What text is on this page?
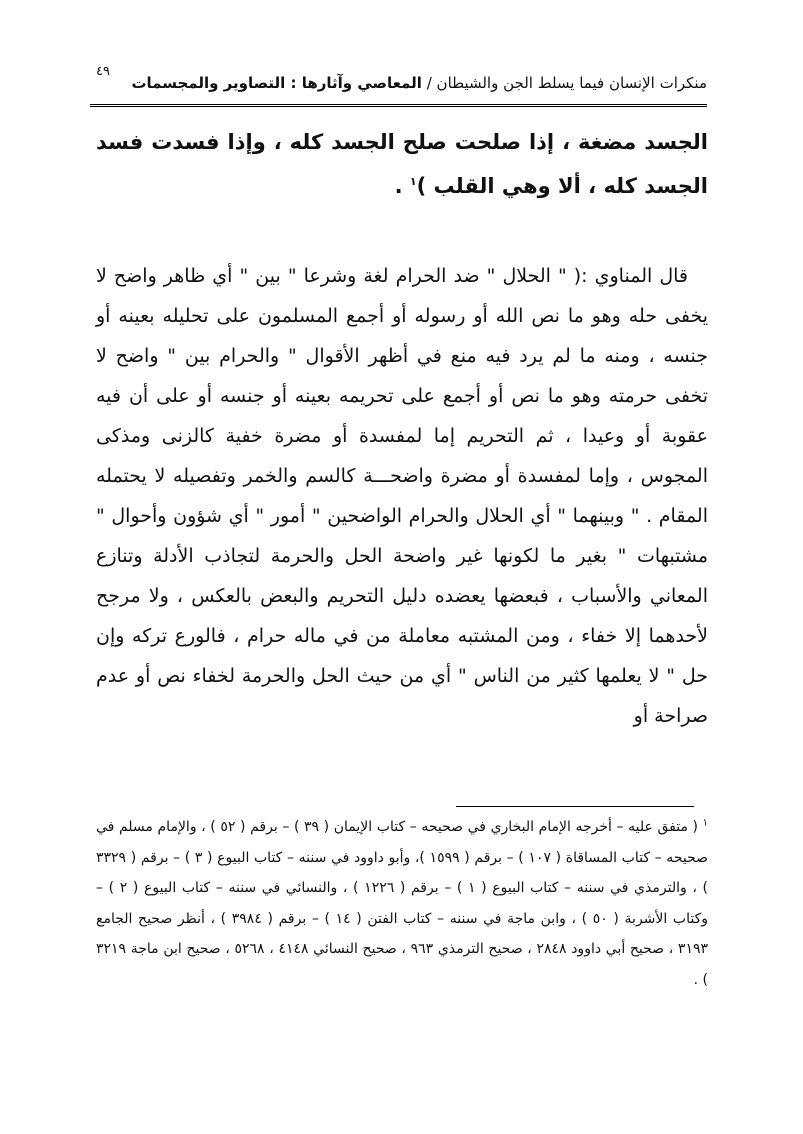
٤٩
منكرات الإنسان فيما يسلط الجن والشيطان / المعاصي وآثارها : التصاوير والمجسمات
الجسد مضغة ، إذا صلحت صلح الجسد كله ، وإذا فسدت فسد الجسد كله ، ألا وهي القلب )$^١$ .
قال المناوي :( " الحلال " ضد الحرام لغة وشرعا " بين " أي ظاهر واضح لا يخفى حله وهو ما نص الله أو رسوله أو أجمع المسلمون على تحليله بعينه أو جنسه ، ومنه ما لم يرد فيه منع في أظهر الأقوال " والحرام بين " واضح لا تخفى حرمته وهو ما نص أو أجمع على تحريمه بعينه أو جنسه أو على أن فيه عقوبة أو وعيدا ، ثم التحريم إما لمفسدة أو مضرة خفية كالزنى ومذكى المجوس ، وإما لمفسدة أو مضرة واضحـــة كالسم والخمر وتفصيله لا يحتمله المقام . " وبينهما " أي الحلال والحرام الواضحين " أمور " أي شؤون وأحوال " مشتبهات " بغير ما لكونها غير واضحة الحل والحرمة لتجاذب الأدلة وتنازع المعاني والأسباب ، فبعضها يعضده دليل التحريم والبعض بالعكس ، ولا مرجح لأحدهما إلا خفاء ، ومن المشتبه معاملة من في ماله حرام ، فالورع تركه وإن حل " لا يعلمها كثير من الناس " أي من حيث الحل والحرمة لخفاء نص أو عدم صراحة أو
$^١$ ( متفق عليه – أخرجه الإمام البخاري في صحيحه – كتاب الإيمان ( ٣٩ ) – برقم ( ٥٢ ) ، والإمام مسلم في صحيحه – كتاب المساقاة ( ١٠٧ ) – برقم ( ١٥٩٩ )، وأبو داوود في سننه – كتاب البيوع ( ٣ ) – برقم ( ٣٣٢٩ ) ، والترمذي في سننه – كتاب البيوع ( ١ ) – برقم ( ١٢٢٦ ) ، والنسائي في سننه – كتاب البيوع ( ٢ ) – وكتاب الأشربة ( ٥٠ ) ، وابن ماجة في سننه – كتاب الفتن ( ١٤ ) – برقم ( ٣٩٨٤ ) ، أنظر صحيح الجامع ٣١٩٣ ، صحيح أبي داوود ٢٨٤٨ ، صحيح الترمذي ٩٦٣ ، صحيح النسائي ٤١٤٨ ، ٥٢٦٨ ، صحيح ابن ماجة ٣٢١٩ ) .
